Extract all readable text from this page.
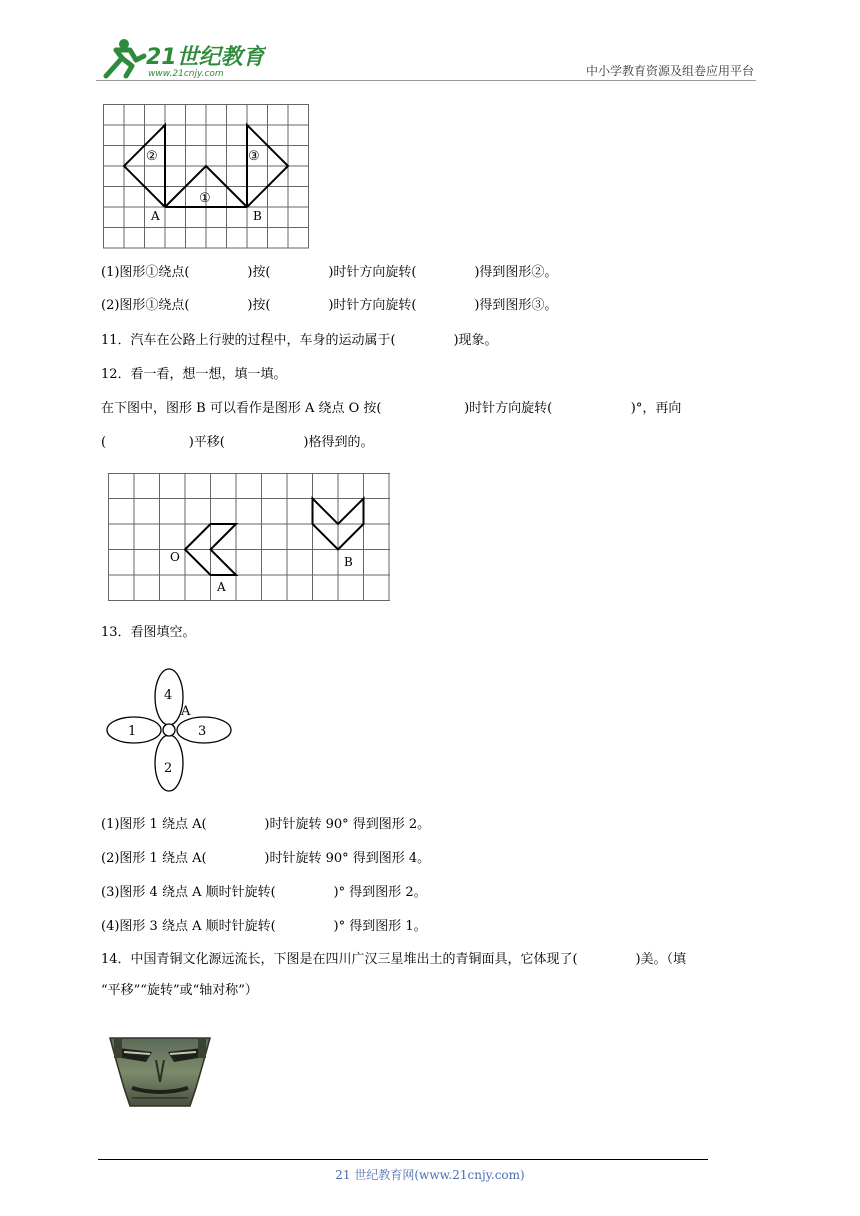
21世纪教育
www.21cnjy.com	中小学教育资源及组卷应用平台
①
②	③
A	B
(1)图形①绕点(              )按(              )时针方向旋转(              )得到图形②。
(2)图形①绕点(              )按(              )时针方向旋转(              )得到图形③。
11．汽车在公路上行驶的过程中，车身的运动属于(              )现象。
12．看一看，想一想，填一填。
在下图中，图形 B 可以看作是图形 A 绕点 O 按(                    )时针方向旋转(                   )°，再向
(                    )平移(                   )格得到的。
O
A
B
13．看图填空。
4
2
1	3
A
(1)图形 1 绕点 A(              )时针旋转 90° 得到图形 2。
(2)图形 1 绕点 A(              )时针旋转 90° 得到图形 4。
(3)图形 4 绕点 A 顺时针旋转(              )° 得到图形 2。
(4)图形 3 绕点 A 顺时针旋转(              )° 得到图形 1。
14．中国青铜文化源远流长，下图是在四川广汉三星堆出土的青铜面具，它体现了(              )美。（填
“平移”“旋转”或“轴对称”）
21 世纪教育网(www.21cnjy.com)
